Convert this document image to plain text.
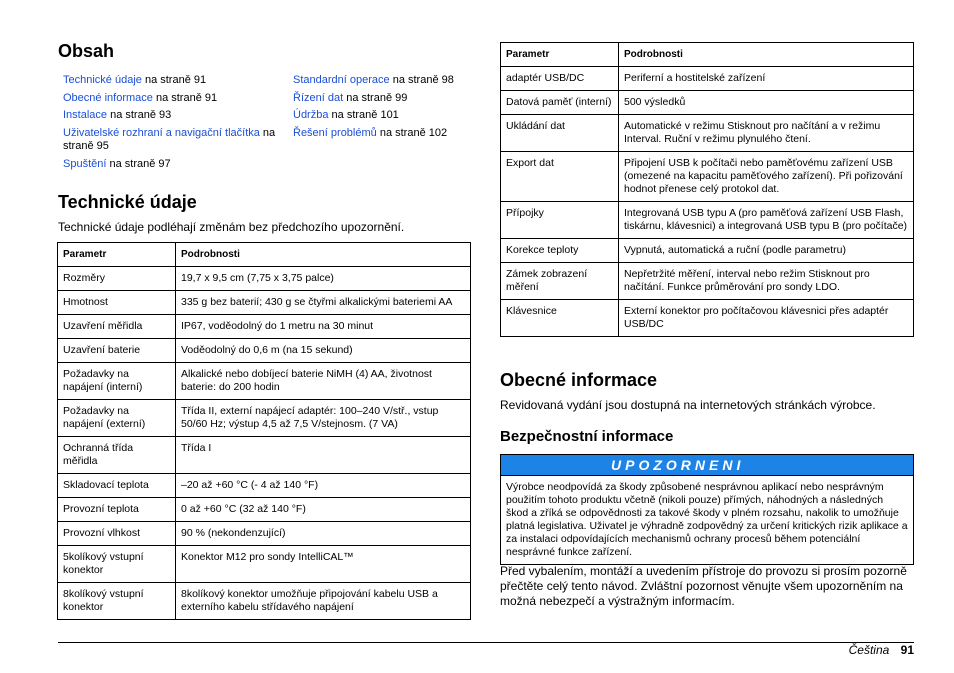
Obsah
Technické údaje na straně 91
Obecné informace na straně 91
Instalace na straně 93
Uživatelské rozhraní a navigační tlačítka na straně 95
Spuštění na straně 97
Standardní operace na straně 98
Řízení dat na straně 99
Údržba na straně 101
Řešení problémů na straně 102
Technické údaje
Technické údaje podléhají změnám bez předchozího upozornění.
Parametr	Podrobnosti
Rozměry	19,7 x 9,5 cm (7,75 x 3,75 palce)
Hmotnost	335 g bez baterií; 430 g se čtyřmi alkalickými bateriemi AA
Uzavření měřidla	IP67, voděodolný do 1 metru na 30 minut
Uzavření baterie	Voděodolný do 0,6 m (na 15 sekund)
Požadavky na napájení (interní)	Alkalické nebo dobíjecí baterie NiMH (4) AA, životnost baterie: do 200 hodin
Požadavky na napájení (externí)	Třída II, externí napájecí adaptér: 100–240 V/stř., vstup 50/60 Hz; výstup 4,5 až 7,5 V/stejnosm. (7 VA)
Ochranná třída měřidla	Třída I
Skladovací teplota	–20 až +60 °C (- 4 až 140 °F)
Provozní teplota	0 až +60 °C (32 až 140 °F)
Provozní vlhkost	90 % (nekondenzující)
5kolíkový vstupní konektor	Konektor M12 pro sondy IntelliCAL™
8kolíkový vstupní konektor	8kolíkový konektor umožňuje připojování kabelu USB a externího kabelu střídavého napájení
Parametr	Podrobnosti
adaptér USB/DC	Periferní a hostitelské zařízení
Datová paměť (interní)	500 výsledků
Ukládání dat	Automatické v režimu Stisknout pro načítání a v režimu Interval. Ruční v režimu plynulého čtení.
Export dat	Připojení USB k počítači nebo paměťovému zařízení USB (omezené na kapacitu paměťového zařízení). Při pořizování hodnot přenese celý protokol dat.
Přípojky	Integrovaná USB typu A (pro paměťová zařízení USB Flash, tiskárnu, klávesnici) a integrovaná USB typu B (pro počítače)
Korekce teploty	Vypnutá, automatická a ruční (podle parametru)
Zámek zobrazení měření	Nepřetržité měření, interval nebo režim Stisknout pro načítání. Funkce průměrování pro sondy LDO.
Klávesnice	Externí konektor pro počítačovou klávesnici přes adaptér USB/DC
Obecné informace
Revidovaná vydání jsou dostupná na internetových stránkách výrobce.
Bezpečnostní informace
UPOZORNENI
Výrobce neodpovídá za škody způsobené nesprávnou aplikací nebo nesprávným použitím tohoto produktu včetně (nikoli pouze) přímých, náhodných a následných škod a zříká se odpovědnosti za takové škody v plném rozsahu, nakolik to umožňuje platná legislativa. Uživatel je výhradně zodpovědný za určení kritických rizik aplikace a za instalaci odpovídajících mechanismů ochrany procesů během potenciální nesprávné funkce zařízení.
Před vybalením, montáží a uvedením přístroje do provozu si prosím pozorně přečtěte celý tento návod. Zvláštní pozornost věnujte všem upozorněním na možná nebezpečí a výstražným informacím.
Čeština 91
